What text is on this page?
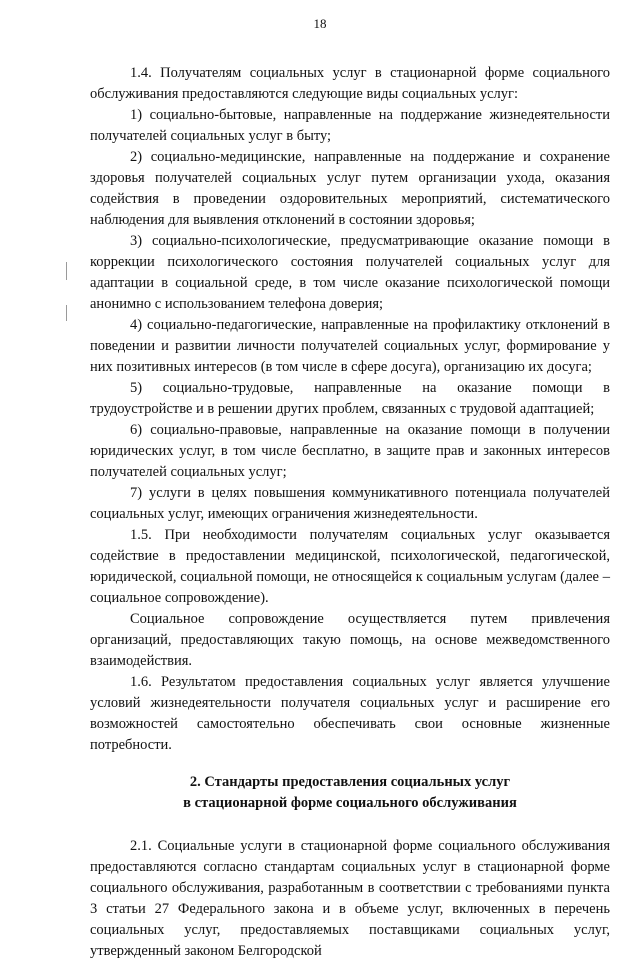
18

1.4. Получателям социальных услуг в стационарной форме социального обслуживания предоставляются следующие виды социальных услуг:

1) социально-бытовые, направленные на поддержание жизнедеятельности получателей социальных услуг в быту;

2) социально-медицинские, направленные на поддержание и сохранение здоровья получателей социальных услуг путем организации ухода, оказания содействия в проведении оздоровительных мероприятий, систематического наблюдения для выявления отклонений в состоянии здоровья;

3) социально-психологические, предусматривающие оказание помощи в коррекции психологического состояния получателей социальных услуг для адаптации в социальной среде, в том числе оказание психологической помощи анонимно с использованием телефона доверия;

4) социально-педагогические, направленные на профилактику отклонений в поведении и развитии личности получателей социальных услуг, формирование у них позитивных интересов (в том числе в сфере досуга), организацию их досуга;

5) социально-трудовые, направленные на оказание помощи в трудоустройстве и в решении других проблем, связанных с трудовой адаптацией;

6) социально-правовые, направленные на оказание помощи в получении юридических услуг, в том числе бесплатно, в защите прав и законных интересов получателей социальных услуг;

7) услуги в целях повышения коммуникативного потенциала получателей социальных услуг, имеющих ограничения жизнедеятельности.

1.5. При необходимости получателям социальных услуг оказывается содействие в предоставлении медицинской, психологической, педагогической, юридической, социальной помощи, не относящейся к социальным услугам (далее – социальное сопровождение).

Социальное сопровождение осуществляется путем привлечения организаций, предоставляющих такую помощь, на основе межведомственного взаимодействия.

1.6. Результатом предоставления социальных услуг является улучшение условий жизнедеятельности получателя социальных услуг и расширение его возможностей самостоятельно обеспечивать свои основные жизненные потребности.

2. Стандарты предоставления социальных услуг
в стационарной форме социального обслуживания

2.1. Социальные услуги в стационарной форме социального обслуживания предоставляются согласно стандартам социальных услуг в стационарной форме социального обслуживания, разработанным в соответствии с требованиями пункта 3 статьи 27 Федерального закона и в объеме услуг, включенных в перечень социальных услуг, предоставляемых поставщиками социальных услуг, утвержденный законом Белгородской
